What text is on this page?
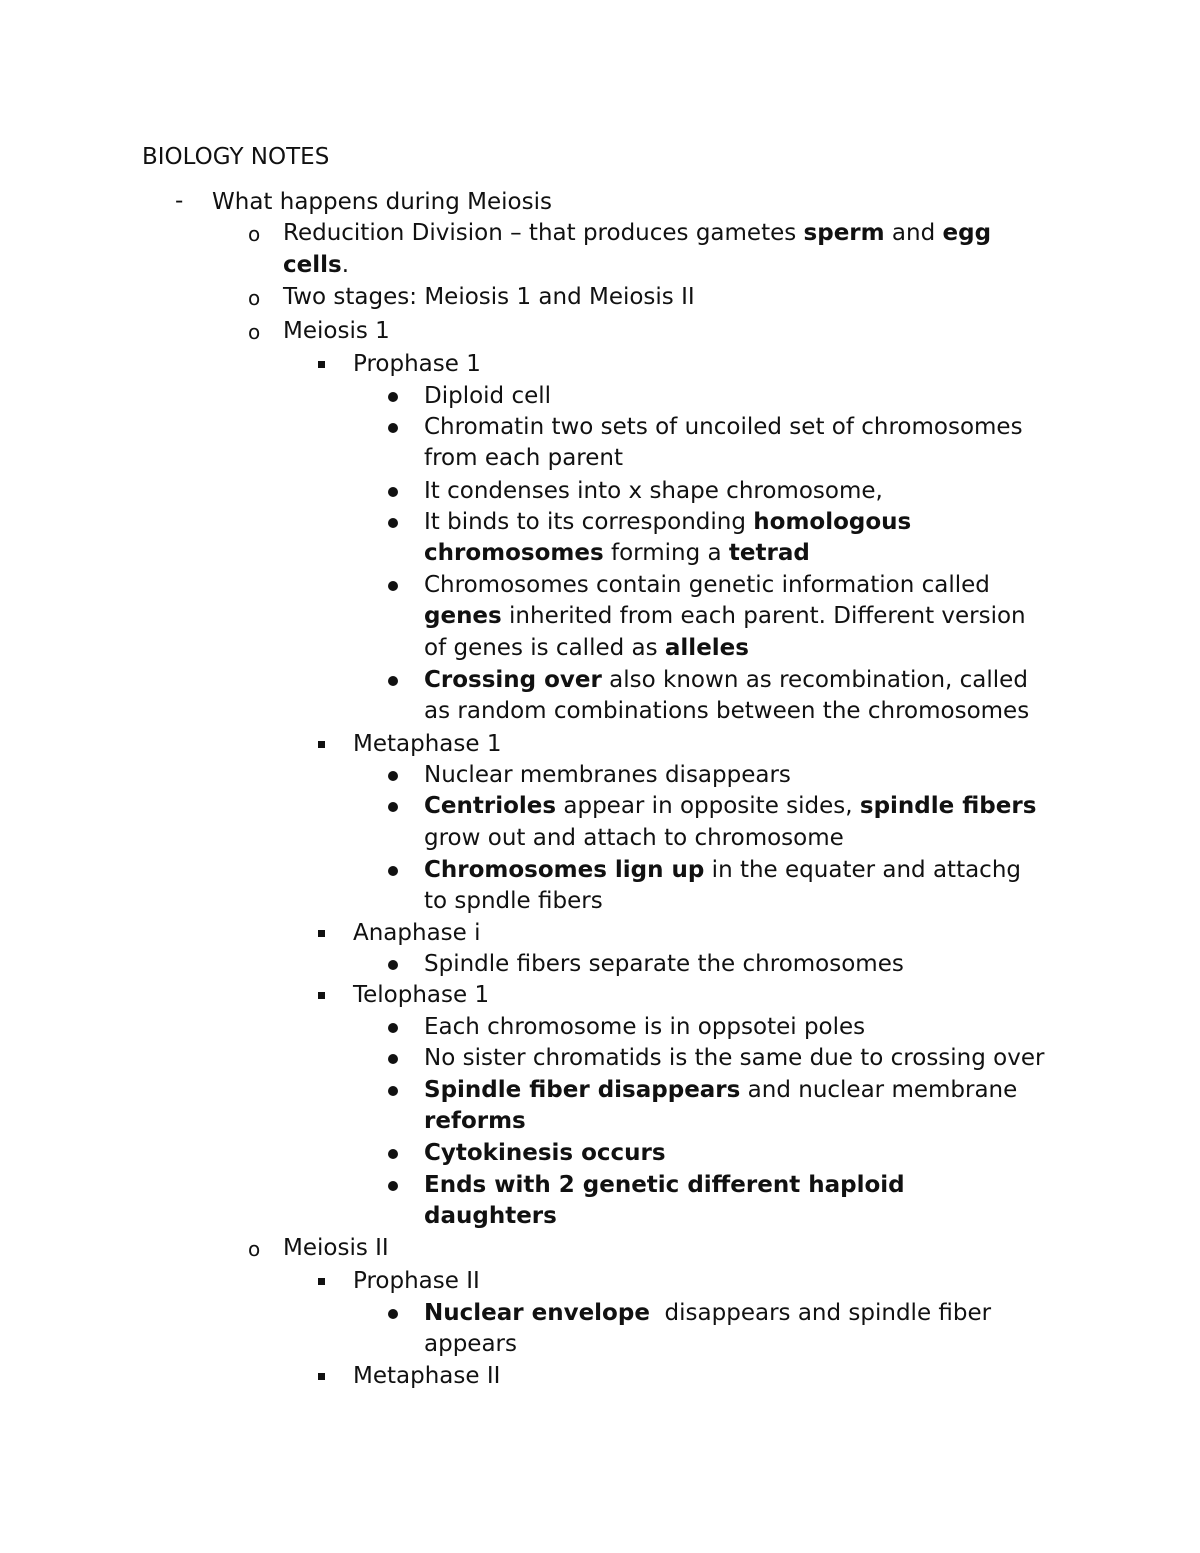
BIOLOGY NOTES
- What happens during Meiosis
o Reducition Division – that produces gametes sperm and egg
cells.
o Two stages: Meiosis 1 and Meiosis II
o Meiosis 1
Prophase 1
Diploid cell
Chromatin two sets of uncoiled set of chromosomes
from each parent
It condenses into x shape chromosome,
It binds to its corresponding homologous
chromosomes forming a tetrad
Chromosomes contain genetic information called
genes inherited from each parent. Different version
of genes is called as alleles
Crossing over also known as recombination, called
as random combinations between the chromosomes
Metaphase 1
Nuclear membranes disappears
Centrioles appear in opposite sides, spindle fibers
grow out and attach to chromosome
Chromosomes lign up in the equater and attachg
to spndle fibers
Anaphase i
Spindle fibers separate the chromosomes
Telophase 1
Each chromosome is in oppsotei poles
No sister chromatids is the same due to crossing over
Spindle fiber disappears and nuclear membrane
reforms
Cytokinesis occurs
Ends with 2 genetic different haploid
daughters
o Meiosis II
Prophase II
Nuclear envelope  disappears and spindle fiber
appears
Metaphase II
